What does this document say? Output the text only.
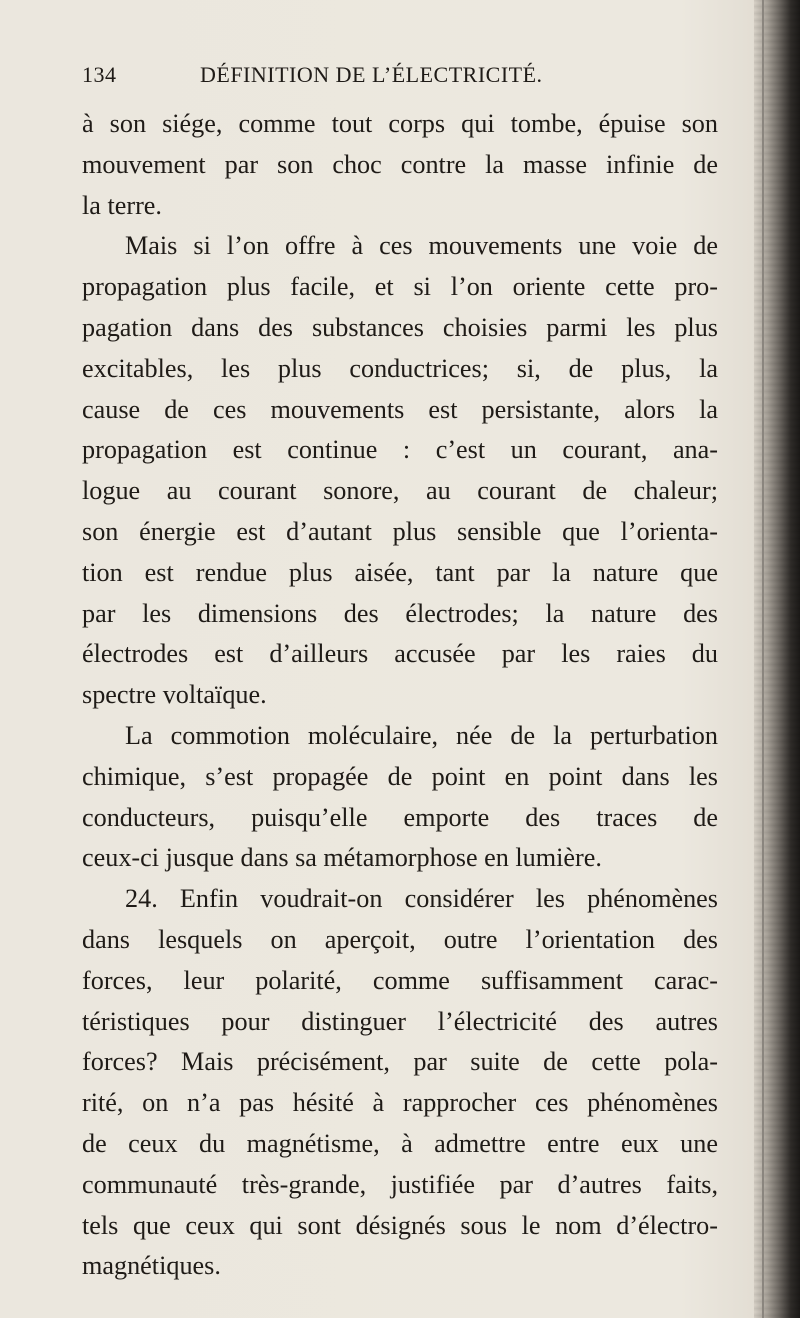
134	DÉFINITION DE L’ÉLECTRICITÉ.
à son siége, comme tout corps qui tombe, épuise son
mouvement par son choc contre la masse infinie de
la terre.
Mais si l’on offre à ces mouvements une voie de
propagation plus facile, et si l’on oriente cette pro-
pagation dans des substances choisies parmi les plus
excitables, les plus conductrices; si, de plus, la
cause de ces mouvements est persistante, alors la
propagation est continue : c’est un courant, ana-
logue au courant sonore, au courant de chaleur;
son énergie est d’autant plus sensible que l’orienta-
tion est rendue plus aisée, tant par la nature que
par les dimensions des électrodes; la nature des
électrodes est d’ailleurs accusée par les raies du
spectre voltaïque.
La commotion moléculaire, née de la perturbation
chimique, s’est propagée de point en point dans les
conducteurs, puisqu’elle emporte des traces de
ceux-ci jusque dans sa métamorphose en lumière.
24. Enfin voudrait-on considérer les phénomènes
dans lesquels on aperçoit, outre l’orientation des
forces, leur polarité, comme suffisamment carac-
téristiques pour distinguer l’électricité des autres
forces? Mais précisément, par suite de cette pola-
rité, on n’a pas hésité à rapprocher ces phénomènes
de ceux du magnétisme, à admettre entre eux une
communauté très-grande, justifiée par d’autres faits,
tels que ceux qui sont désignés sous le nom d’électro-
magnétiques.
